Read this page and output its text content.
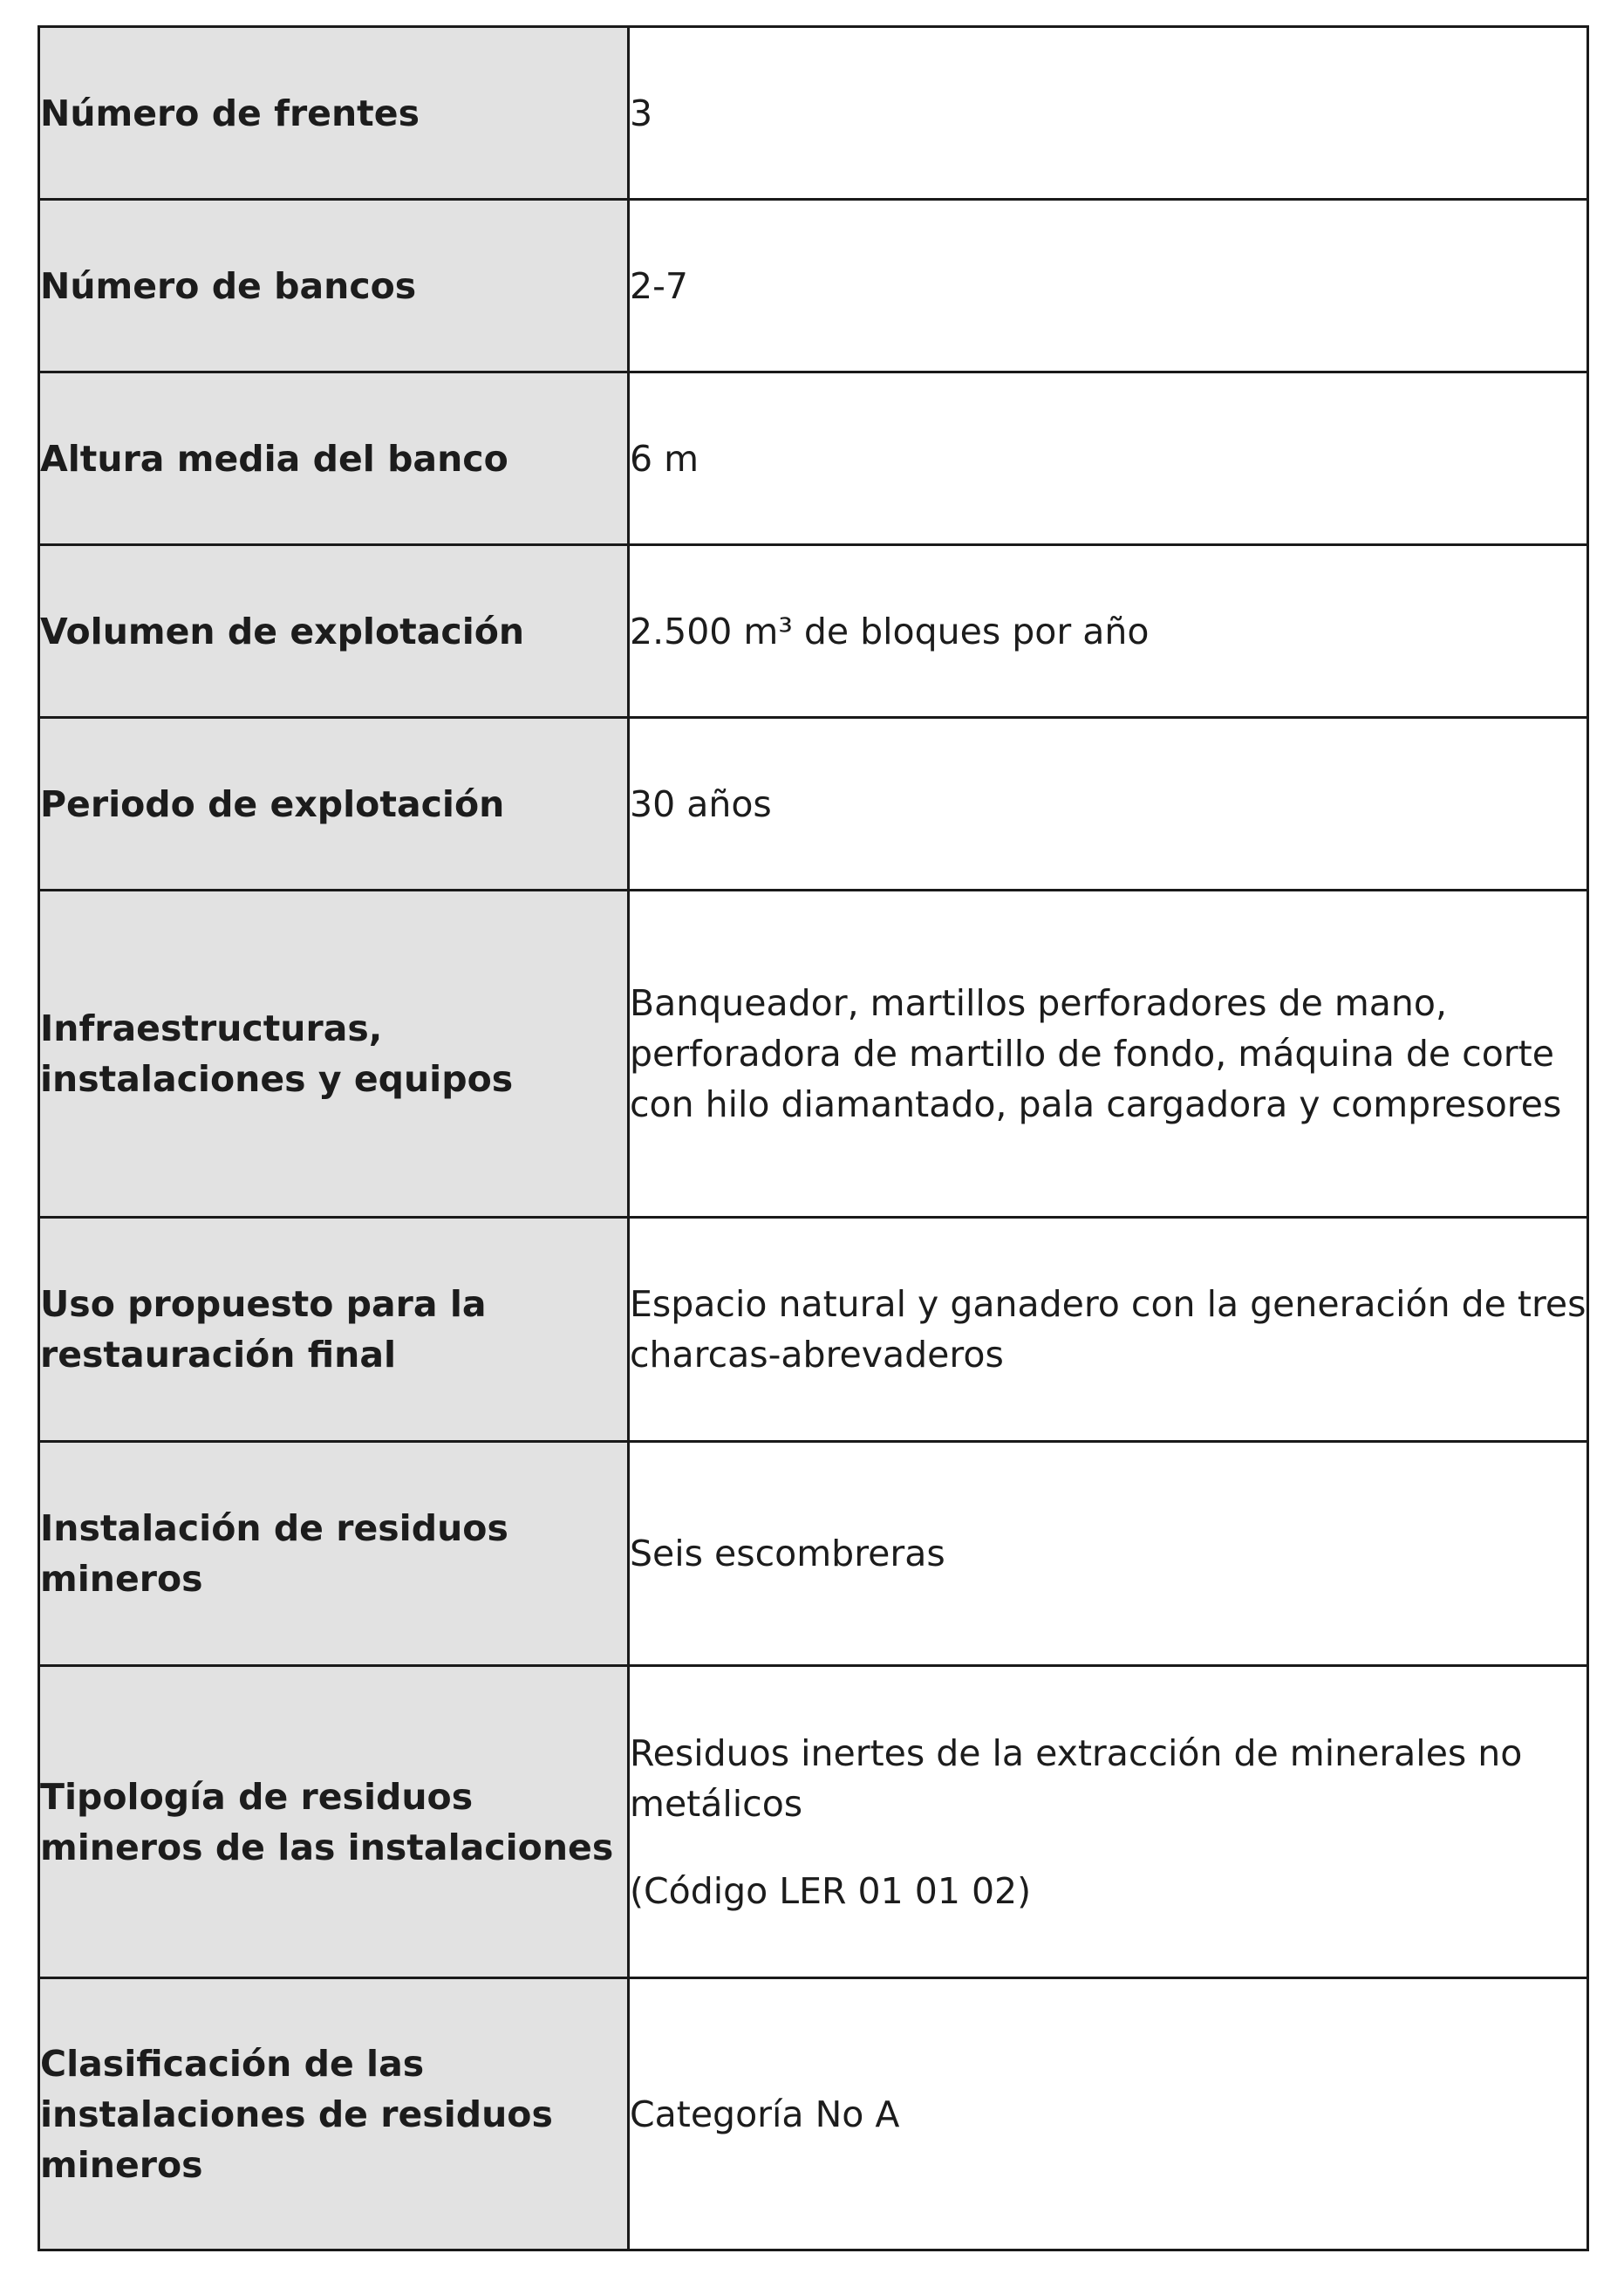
Número de frentes	3

Número de bancos	2-7

Altura media del banco	6 m

Volumen de explotación	2.500 m³ de bloques por año

Periodo de explotación	30 años

Infraestructuras, instalaciones y equipos	Banqueador, martillos perforadores de mano, perforadora de martillo de fondo, máquina de corte con hilo diamantado, pala cargadora y compresores

Uso propuesto para la restauración final	Espacio natural y ganadero con la generación de tres charcas-abrevaderos

Instalación de residuos mineros	Seis escombreras

Tipología de residuos mineros de las instalaciones	Residuos inertes de la extracción de minerales no metálicos
(Código LER 01 01 02)

Clasificación de las instalaciones de residuos mineros	Categoría No A
